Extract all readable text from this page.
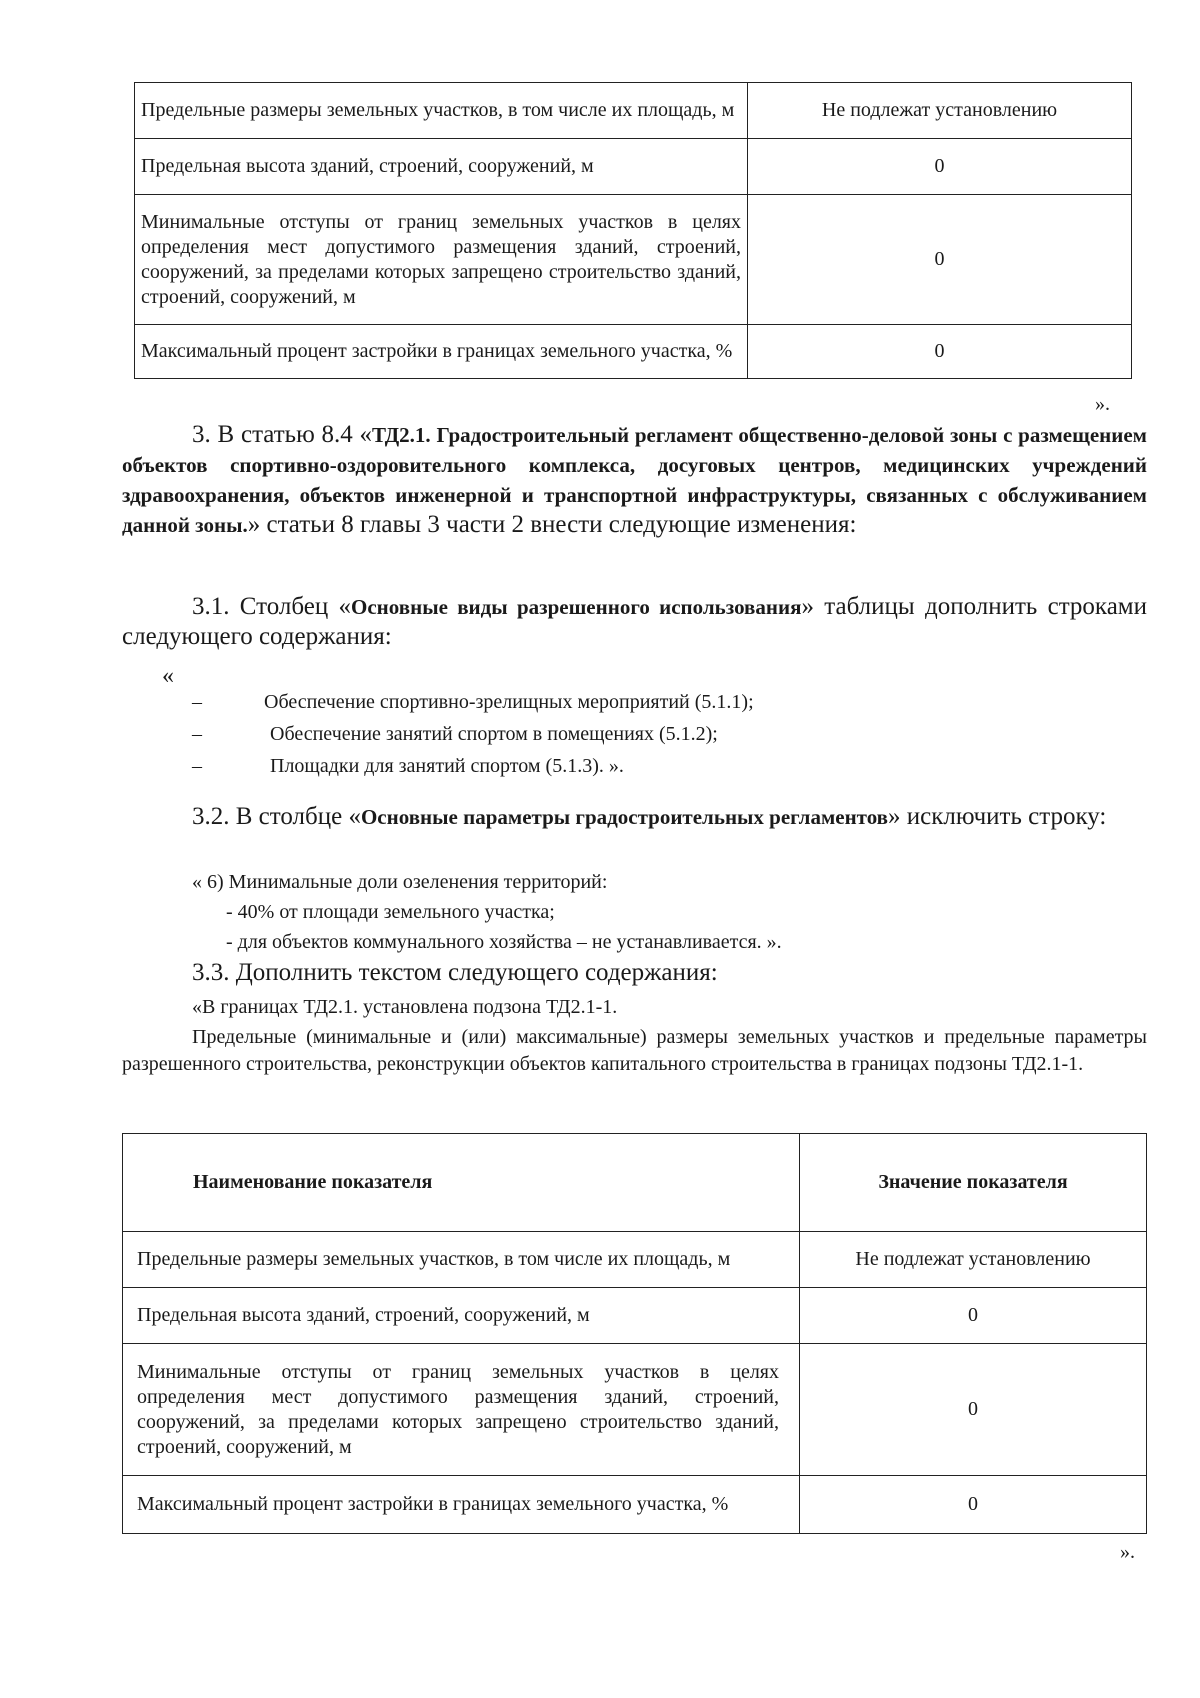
Предельные размеры земельных участков, в том числе их площадь, м	Не подлежат установлению
Предельная высота зданий, строений, сооружений, м	0
Минимальные отступы от границ земельных участков в целях определения мест допустимого размещения зданий, строений, сооружений, за пределами которых запрещено строительство зданий, строений, сооружений, м	0
Максимальный процент застройки в границах земельного участка, %	0
».
3. В статью 8.4 «ТД2.1. Градостроительный регламент общественно-деловой зоны с размещением объектов спортивно-оздоровительного комплекса, досуговых центров, медицинских учреждений здравоохранения, объектов инженерной и транспортной инфраструктуры, связанных с обслуживанием данной зоны.» статьи 8 главы 3 части 2 внести следующие изменения:
3.1. Столбец «Основные виды разрешенного использования» таблицы дополнить строками следующего содержания:
«
–	Обеспечение спортивно-зрелищных мероприятий (5.1.1);
–	Обеспечение занятий спортом в помещениях (5.1.2);
–	Площадки для занятий спортом (5.1.3). ».
3.2. В столбце «Основные параметры градостроительных регламентов» исключить строку:
« 6) Минимальные доли озеленения территорий:
- 40% от площади земельного участка;
- для объектов коммунального хозяйства – не устанавливается. ».
3.3. Дополнить текстом следующего содержания:
«В границах ТД2.1. установлена подзона ТД2.1-1.
Предельные (минимальные и (или) максимальные) размеры земельных участков и предельные параметры разрешенного строительства, реконструкции объектов капитального строительства в границах подзоны ТД2.1-1.
Наименование показателя	Значение показателя
Предельные размеры земельных участков, в том числе их площадь, м	Не подлежат установлению
Предельная высота зданий, строений, сооружений, м	0
Минимальные отступы от границ земельных участков в целях определения мест допустимого размещения зданий, строений, сооружений, за пределами которых запрещено строительство зданий, строений, сооружений, м	0
Максимальный процент застройки в границах земельного участка, %	0
».
